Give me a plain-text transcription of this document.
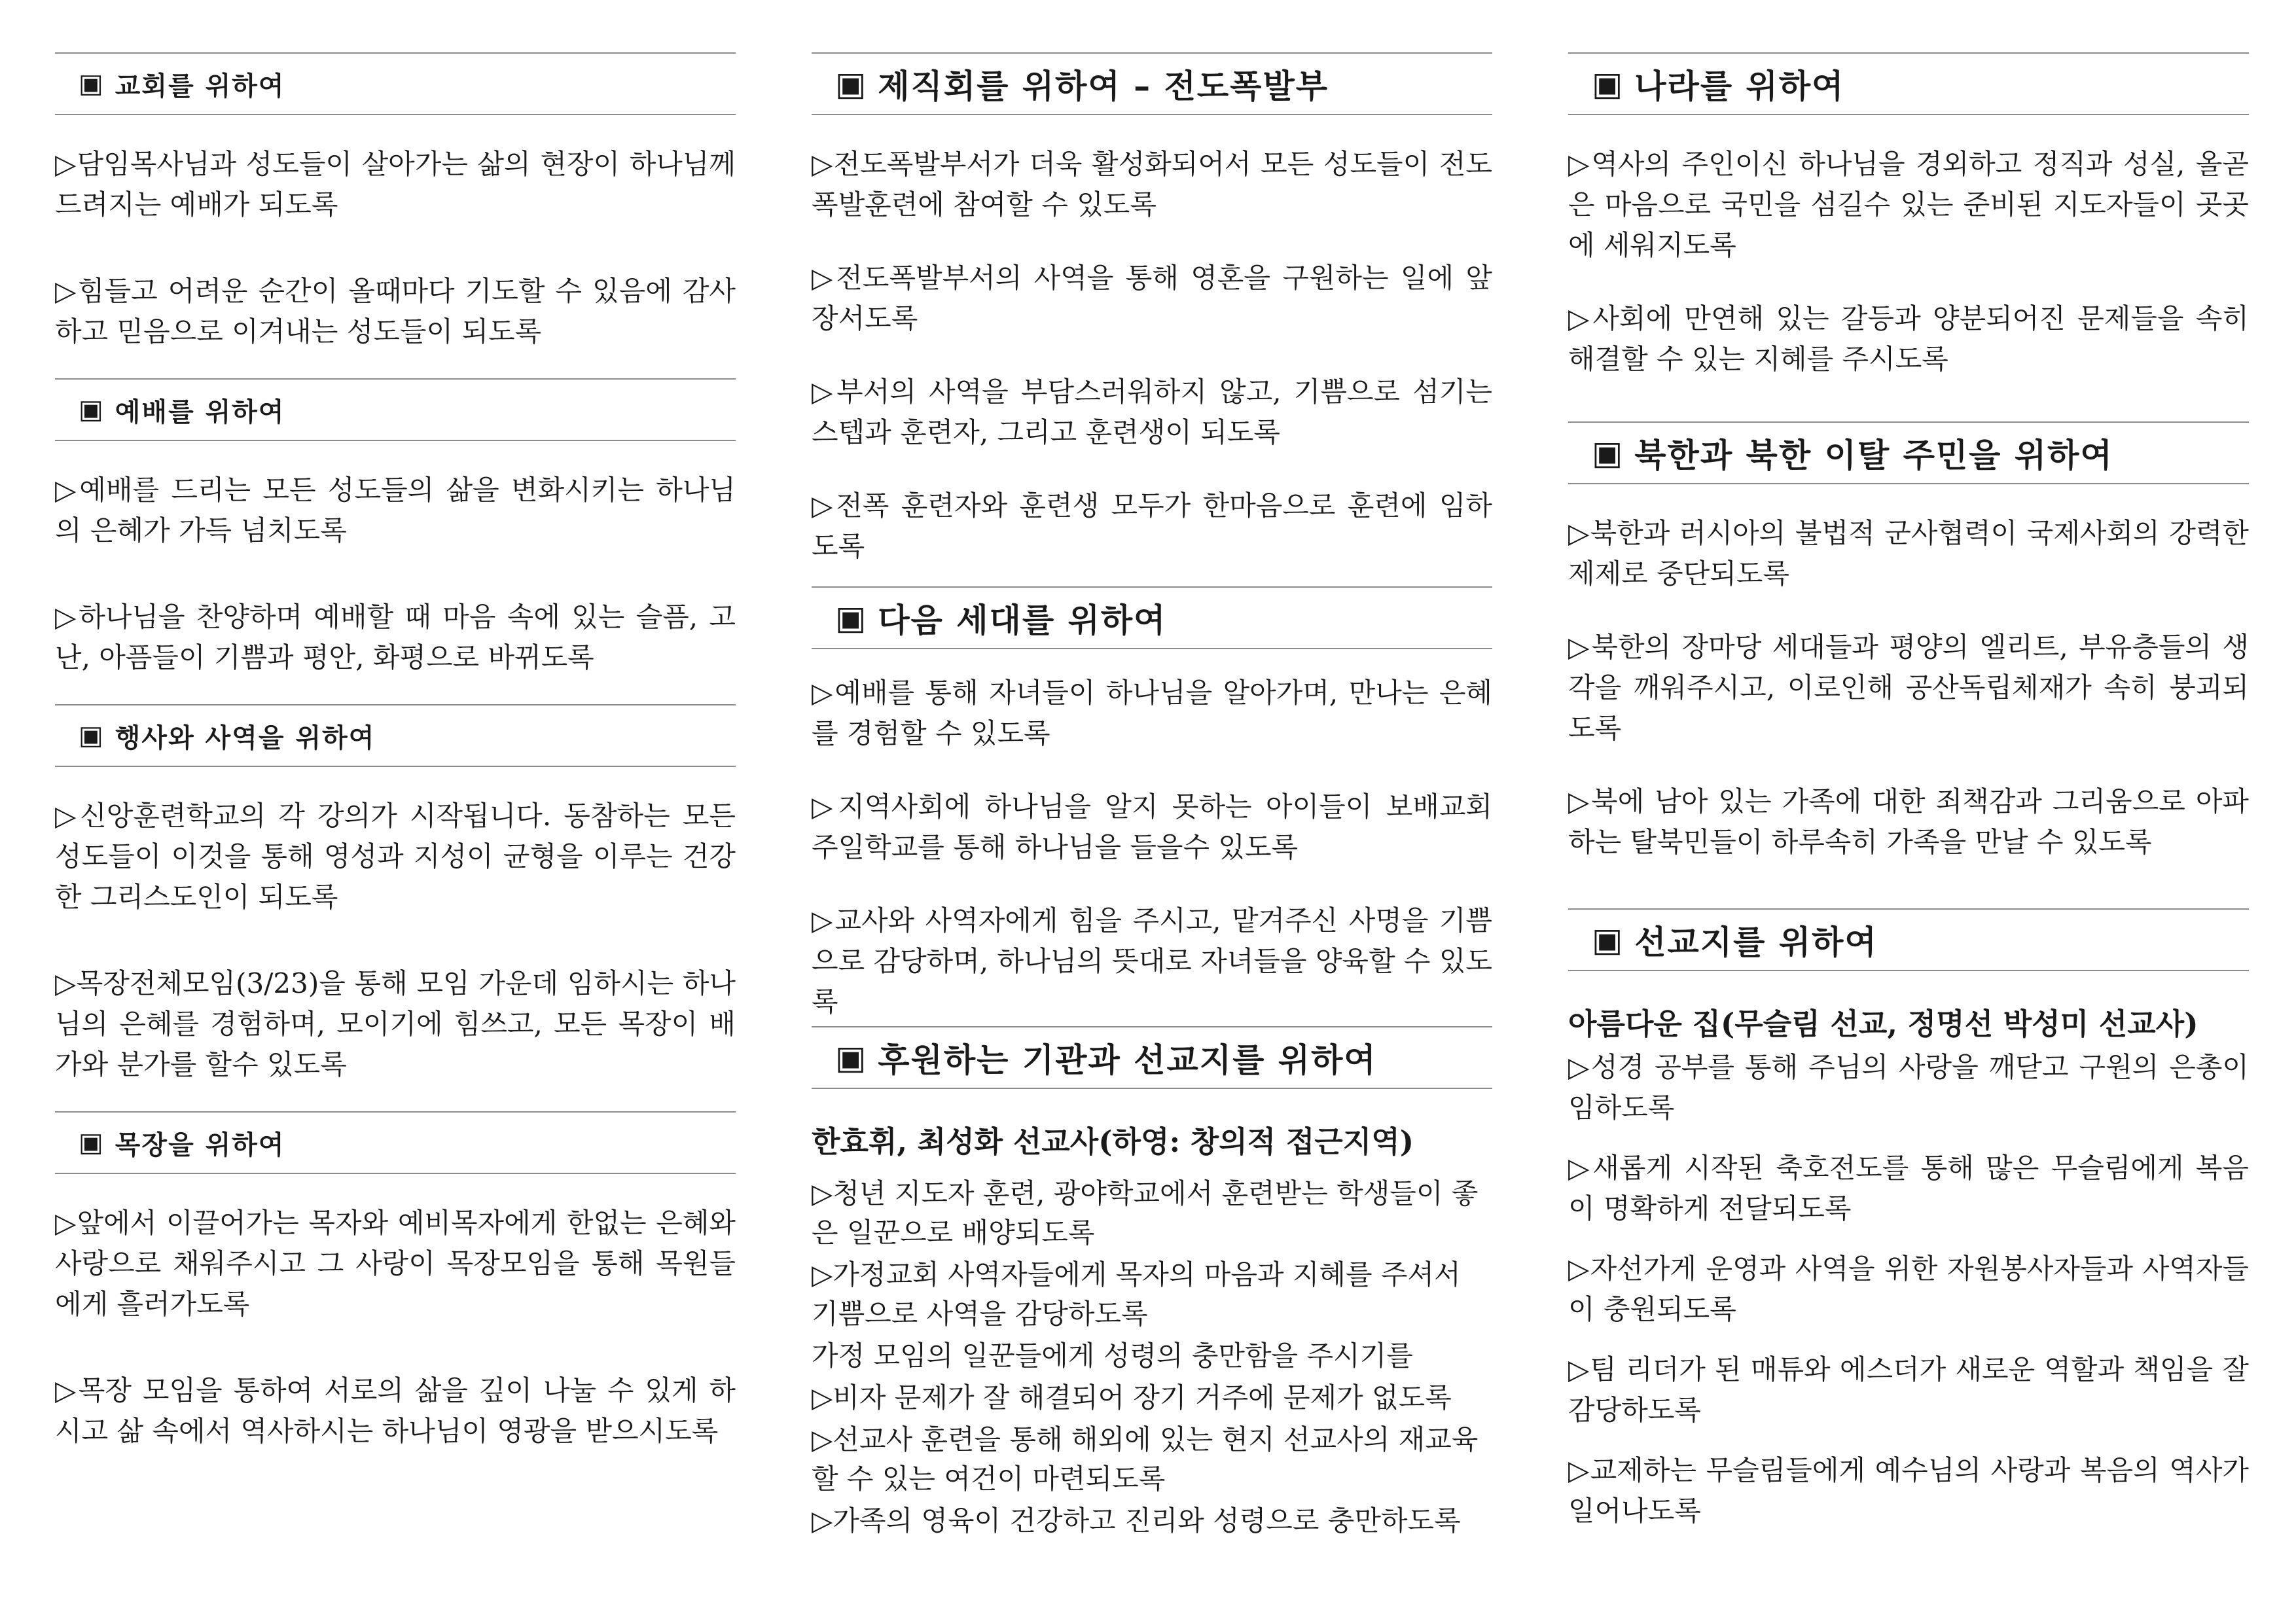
▣ 교회를 위하여

▷담임목사님과 성도들이 살아가는 삶의 현장이 하나님께 드려지는 예배가 되도록

▷힘들고 어려운 순간이 올때마다 기도할 수 있음에 감사하고 믿음으로 이겨내는 성도들이 되도록

▣ 예배를 위하여

▷예배를 드리는 모든 성도들의 삶을 변화시키는 하나님의 은혜가 가득 넘치도록

▷하나님을 찬양하며 예배할 때 마음 속에 있는 슬픔, 고난, 아픔들이 기쁨과 평안, 화평으로 바뀌도록

▣ 행사와 사역을 위하여

▷신앙훈련학교의 각 강의가 시작됩니다. 동참하는 모든 성도들이 이것을 통해 영성과 지성이 균형을 이루는 건강한 그리스도인이 되도록

▷목장전체모임(3/23)을 통해 모임 가운데 임하시는 하나님의 은혜를 경험하며, 모이기에 힘쓰고, 모든 목장이 배가와 분가를 할수 있도록

▣ 목장을 위하여

▷앞에서 이끌어가는 목자와 예비목자에게 한없는 은혜와 사랑으로 채워주시고 그 사랑이 목장모임을 통해 목원들에게 흘러가도록

▷목장 모임을 통하여 서로의 삶을 깊이 나눌 수 있게 하시고 삶 속에서 역사하시는 하나님이 영광을 받으시도록

▣ 제직회를 위하여 – 전도폭발부

▷전도폭발부서가 더욱 활성화되어서 모든 성도들이 전도폭발훈련에 참여할 수 있도록

▷전도폭발부서의 사역을 통해 영혼을 구원하는 일에 앞장서도록

▷부서의 사역을 부담스러워하지 않고, 기쁨으로 섬기는 스텝과 훈련자, 그리고 훈련생이 되도록

▷전폭 훈련자와 훈련생 모두가 한마음으로 훈련에 임하도록

▣ 다음 세대를 위하여

▷예배를 통해 자녀들이 하나님을 알아가며, 만나는 은혜를 경험할 수 있도록

▷지역사회에 하나님을 알지 못하는 아이들이 보배교회 주일학교를 통해 하나님을 들을수 있도록

▷교사와 사역자에게 힘을 주시고, 맡겨주신 사명을 기쁨으로 감당하며, 하나님의 뜻대로 자녀들을 양육할 수 있도록

▣ 후원하는 기관과 선교지를 위하여

한효휘, 최성화 선교사(하영: 창의적 접근지역)

▷청년 지도자 훈련, 광야학교에서 훈련받는 학생들이 좋은 일꾼으로 배양되도록

▷가정교회 사역자들에게 목자의 마음과 지혜를 주셔서 기쁨으로 사역을 감당하도록

가정 모임의 일꾼들에게 성령의 충만함을 주시기를

▷비자 문제가 잘 해결되어 장기 거주에 문제가 없도록

▷선교사 훈련을 통해 해외에 있는 현지 선교사의 재교육할 수 있는 여건이 마련되도록

▷가족의 영육이 건강하고 진리와 성령으로 충만하도록

▣ 나라를 위하여

▷역사의 주인이신 하나님을 경외하고 정직과 성실, 올곧은 마음으로 국민을 섬길수 있는 준비된 지도자들이 곳곳에 세워지도록

▷사회에 만연해 있는 갈등과 양분되어진 문제들을 속히 해결할 수 있는 지혜를 주시도록

▣ 북한과 북한 이탈 주민을 위하여

▷북한과 러시아의 불법적 군사협력이 국제사회의 강력한 제제로 중단되도록

▷북한의 장마당 세대들과 평양의 엘리트, 부유층들의 생각을 깨워주시고, 이로인해 공산독립체재가 속히 붕괴되도록

▷북에 남아 있는 가족에 대한 죄책감과 그리움으로 아파하는 탈북민들이 하루속히 가족을 만날 수 있도록

▣ 선교지를 위하여

아름다운 집(무슬림 선교, 정명선 박성미 선교사)

▷성경 공부를 통해 주님의 사랑을 깨닫고 구원의 은총이 임하도록

▷새롭게 시작된 축호전도를 통해 많은 무슬림에게 복음이 명확하게 전달되도록

▷자선가게 운영과 사역을 위한 자원봉사자들과 사역자들이 충원되도록

▷팀 리더가 된 매튜와 에스더가 새로운 역할과 책임을 잘 감당하도록

▷교제하는 무슬림들에게 예수님의 사랑과 복음의 역사가 일어나도록
